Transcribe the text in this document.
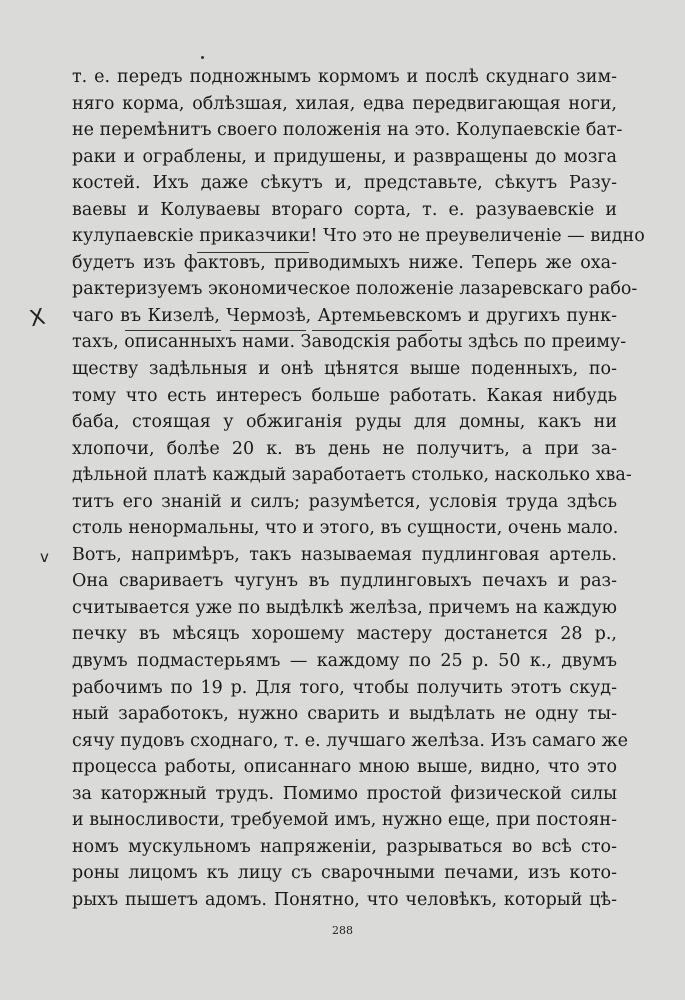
т. е. передъ подножнымъ кормомъ и послѣ скуднаго зим-
няго корма, облѣзшая, хилая, едва передвигающая ноги,
не перемѣнитъ своего положенія на это. Колупаевскіе бат-
раки и ограблены, и придушены, и развращены до мозга
костей. Ихъ даже сѣкутъ и, представьте, сѣкутъ Разу-
ваевы и Колуваевы втораго сорта, т. е. разуваевскіе и
кулупаевскіе приказчики! Что это не преувеличеніе — видно
будетъ изъ фактовъ, приводимыхъ ниже. Теперь же оха-
рактеризуемъ экономическое положеніе лазаревскаго рабо-
чаго въ Кизелѣ, Чермозѣ, Артемьевскомъ и другихъ пунк-
тахъ, описанныхъ нами. Заводскія работы здѣсь по преиму-
ществу задѣльныя и онѣ цѣнятся выше поденныхъ, по-
тому что есть интересъ больше работать. Какая нибудь
баба, стоящая у обжиганія руды для домны, какъ ни
хлопочи, болѣе 20 к. въ день не получитъ, а при за-
дѣльной платѣ каждый заработаетъ столько, насколько хва-
титъ его знаній и силъ; разумѣется, условія труда здѣсь
столь ненормальны, что и этого, въ сущности, очень мало.
Вотъ, напримѣръ, такъ называемая пудлинговая артель.
Она свариваетъ чугунъ въ пудлинговыхъ печахъ и раз-
считывается уже по выдѣлкѣ желѣза, причемъ на каждую
печку въ мѣсяцъ хорошему мастеру достанется 28 р.,
двумъ подмастерьямъ — каждому по 25 р. 50 к., двумъ
рабочимъ по 19 р. Для того, чтобы получить этотъ скуд-
ный заработокъ, нужно сварить и выдѣлать не одну ты-
сячу пудовъ сходнаго, т. е. лучшаго желѣза. Изъ самаго же
процесса работы, описаннаго мною выше, видно, что это
за каторжный трудъ. Помимо простой физической силы
и выносливости, требуемой имъ, нужно еще, при постоян-
номъ мускульномъ напряженіи, разрываться во всѣ сто-
роны лицомъ къ лицу съ сварочными печами, изъ кото-
рыхъ пышетъ адомъ. Понятно, что человѣкъ, который цѣ-
Х
v
288
